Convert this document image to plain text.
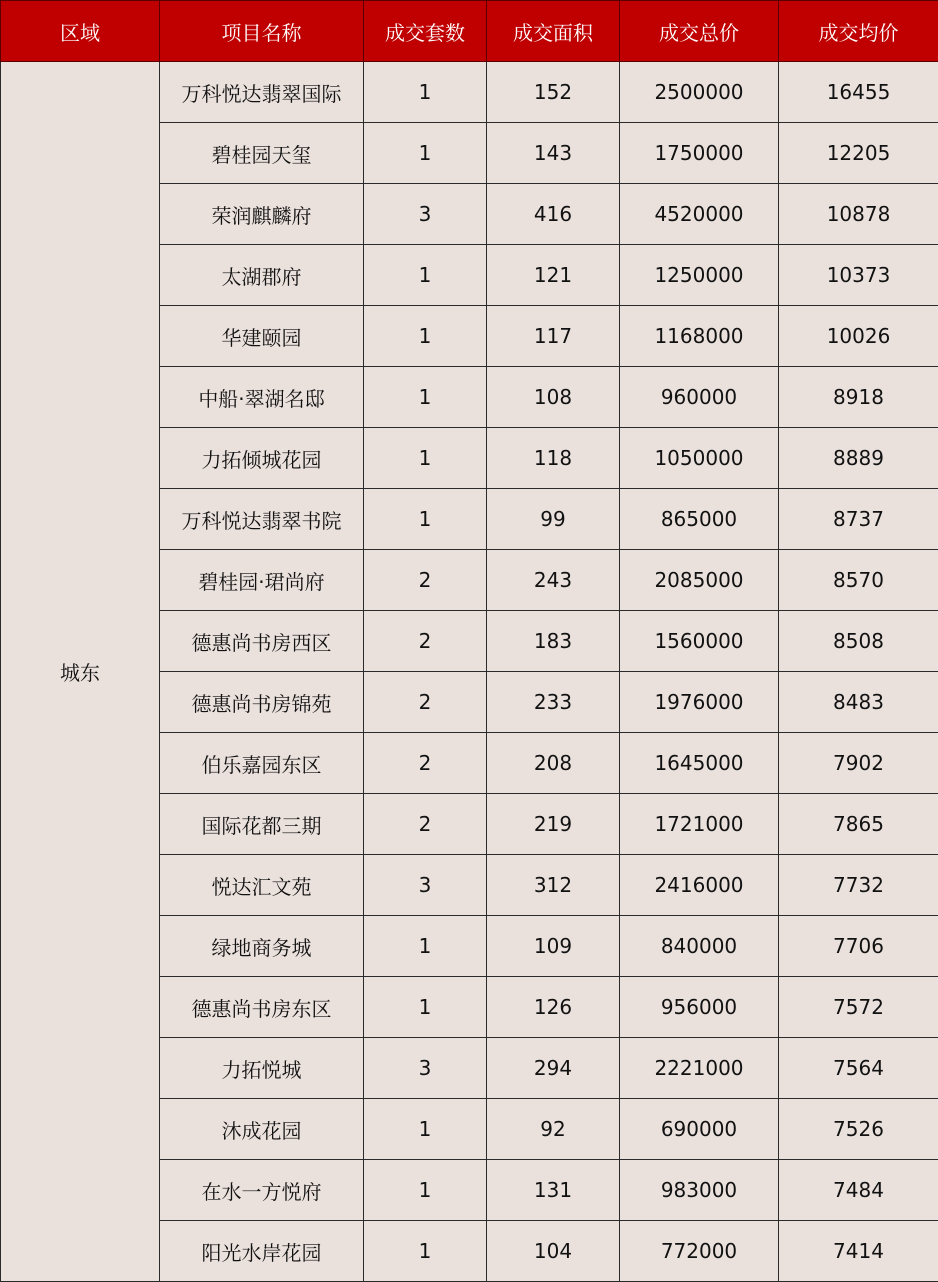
区域	项目名称	成交套数	成交面积	成交总价	成交均价
城东	万科悦达翡翠国际	1	152	2500000	16455
	碧桂园天玺	1	143	1750000	12205
	荣润麒麟府	3	416	4520000	10878
	太湖郡府	1	121	1250000	10373
	华建颐园	1	117	1168000	10026
	中船·翠湖名邸	1	108	960000	8918
	力拓倾城花园	1	118	1050000	8889
	万科悦达翡翠书院	1	99	865000	8737
	碧桂园·珺尚府	2	243	2085000	8570
	德惠尚书房西区	2	183	1560000	8508
	德惠尚书房锦苑	2	233	1976000	8483
	伯乐嘉园东区	2	208	1645000	7902
	国际花都三期	2	219	1721000	7865
	悦达汇文苑	3	312	2416000	7732
	绿地商务城	1	109	840000	7706
	德惠尚书房东区	1	126	956000	7572
	力拓悦城	3	294	2221000	7564
	沐成花园	1	92	690000	7526
	在水一方悦府	1	131	983000	7484
	阳光水岸花园	1	104	772000	7414
